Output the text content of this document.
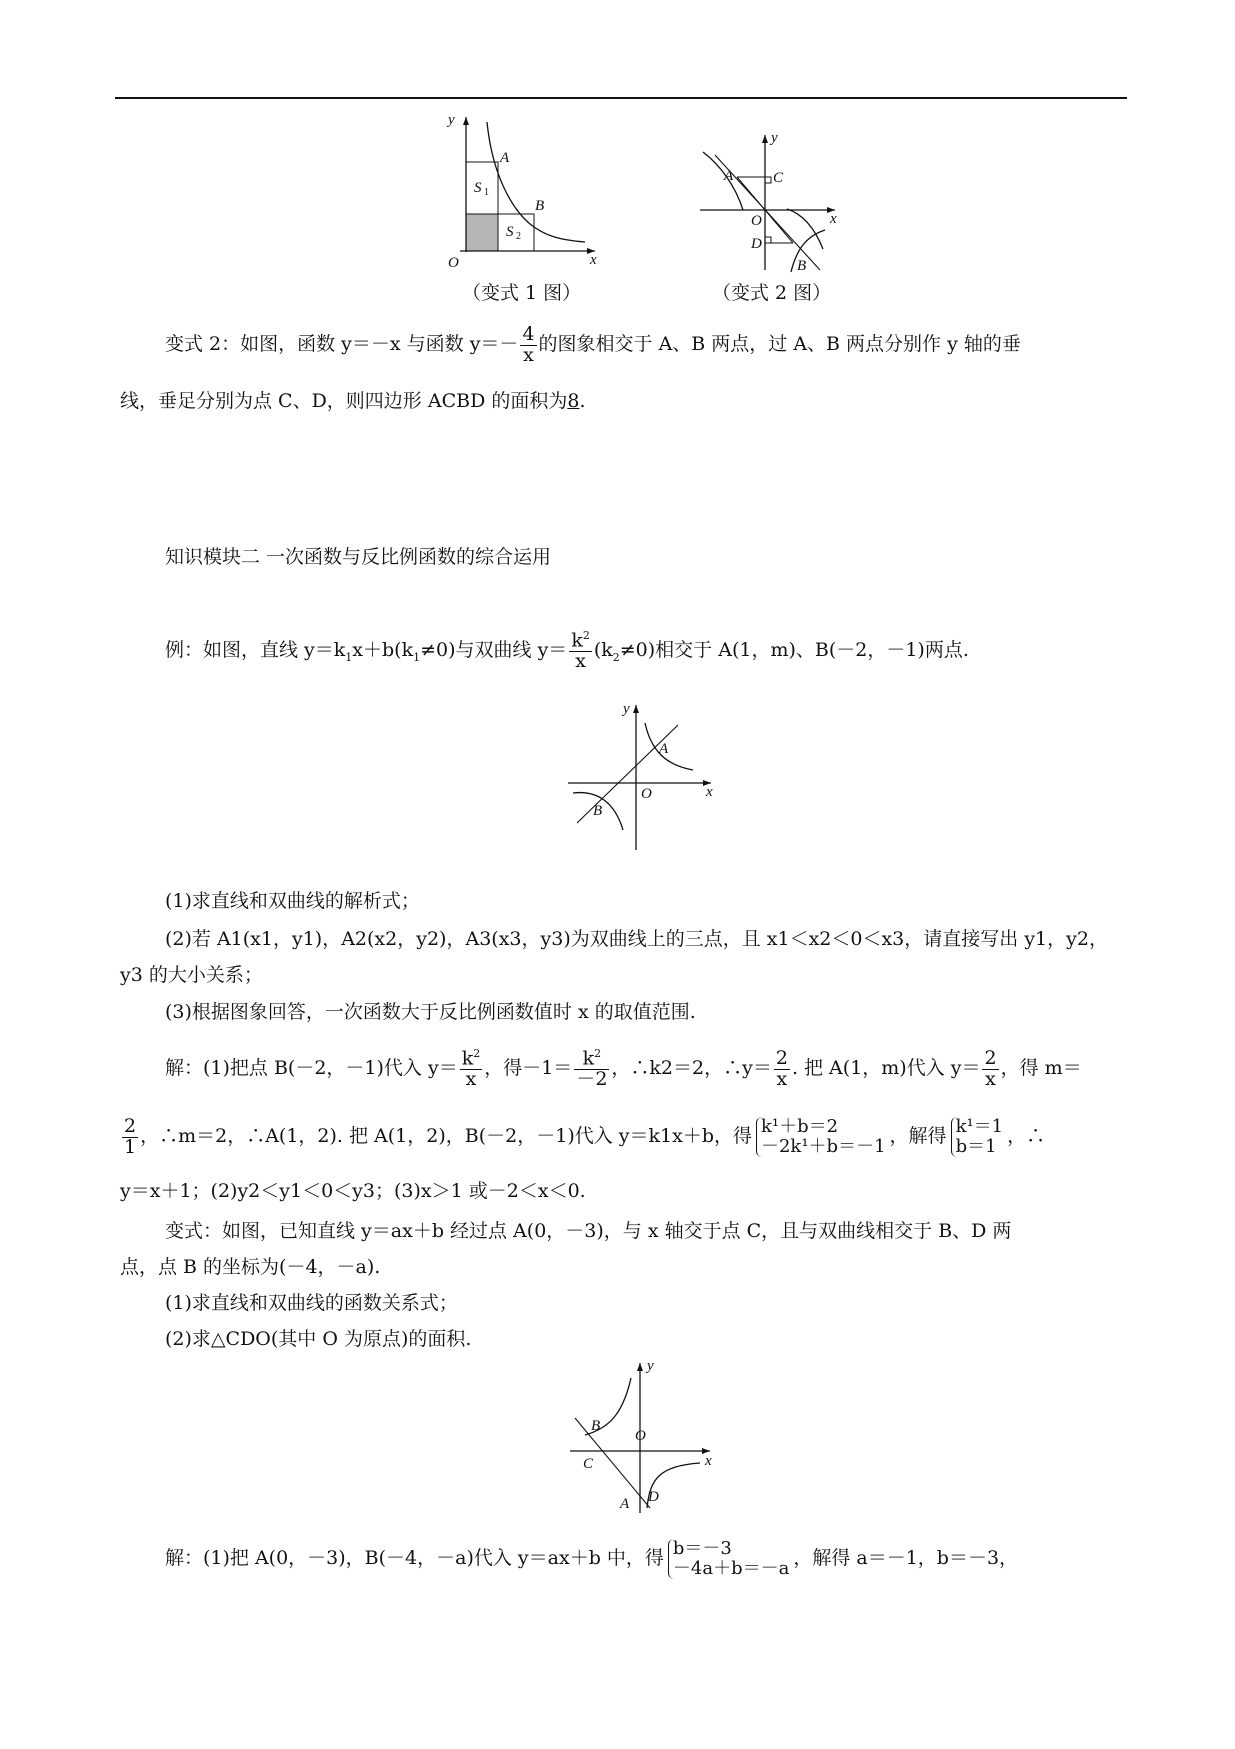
y
x
O
A
B
S 1
S 2
（变式 1 图）
y
x
O
A	C
D
B
（变式 2 图）
变式 2：如图，函数 y＝－x 与函数 $y=- \frac{4}{x}$ 的图象相交于 A、B 两点，过 A、B 两点分别作 y 轴的垂
线，垂足分别为点 C、D，则四边形 ACBD 的面积为8.
知识模块二 一次函数与反比例函数的综合运用
例：如图，直线 $y=k_1x+b(k_1\ne 0)$与双曲线 $y= \frac{k^2}{x} (k_2\ne 0)$相交于 A(1，m)、B(－2，－1)两点.
y
x
O
A
B
(1)求直线和双曲线的解析式；
(2)若 A1(x1，y1)，A2(x2，y2)，A3(x3，y3)为双曲线上的三点，且 x1＜x2＜0＜x3，请直接写出 y1，y2，
y3 的大小关系；
(3)根据图象回答，一次函数大于反比例函数值时 x 的取值范围.
解：(1)把点 B(－2，－1)代入 $y= \frac{k^2}{x}$ ，得$-1= \frac{k^2}{-2}$ ，∴k2＝2，∴y＝ $\frac{2}{x}$ . 把 A(1，m)代入 $y= \frac{2}{x}$ ，得 m＝
$\frac{2}{1}$ ，∴m＝2，∴A(1，2). 把 A(1，2)，B(－2，－1)代入 y＝k1x＋b，得 k¹＋b＝2
－2k¹＋b＝－1 ，解得 k¹＝1
b＝1 ，∴
y＝x＋1；(2)y2＜y1＜0＜y3；(3)x＞1 或－2＜x＜0.
变式：如图，已知直线 y＝ax＋b 经过点 A(0，－3)，与 x 轴交于点 C，且与双曲线相交于 B、D 两
点，点 B 的坐标为(－4，－a).
(1)求直线和双曲线的函数关系式；
(2)求△CDO(其中 O 为原点)的面积.
y
x
O
B
C
A D
解：(1)把 A(0，－3)，B(－4，－a)代入 y＝ax＋b 中，得 b＝－3
－4a＋b＝－a ，解得 a＝－1，b＝－3，
